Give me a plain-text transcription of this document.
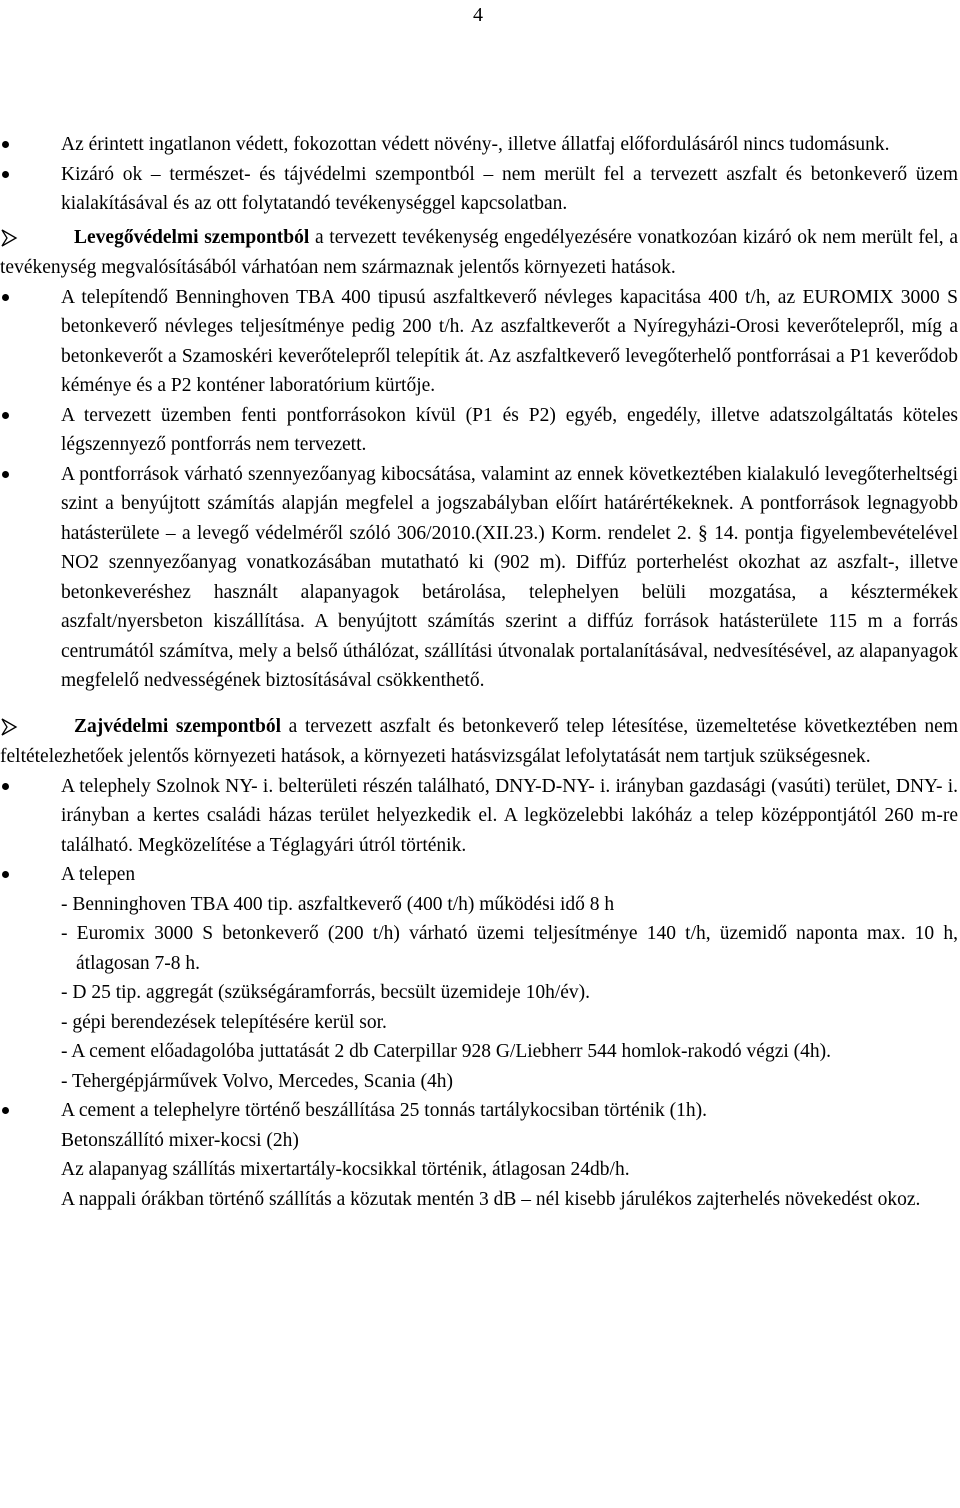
4

Az érintett ingatlanon védett, fokozottan védett növény-, illetve állatfaj előfordulásáról nincs tudomásunk.

Kizáró ok – természet- és tájvédelmi szempontból – nem merült fel a tervezett aszfalt és betonkeverő üzem kialakításával és az ott folytatandó tevékenységgel kapcsolatban.

Levegővédelmi szempontból a tervezett tevékenység engedélyezésére vonatkozóan kizáró ok nem merült fel, a tevékenység megvalósításából várhatóan nem származnak jelentős környezeti hatások.

A telepítendő Benninghoven TBA 400 tipusú aszfaltkeverő névleges kapacitása 400 t/h, az EUROMIX 3000 S betonkeverő névleges teljesítménye pedig 200 t/h. Az aszfaltkeverőt a Nyíregyházi-Orosi keverőtelepről, míg a betonkeverőt a Szamoskéri keverőtelepről telepítik át. Az aszfaltkeverő levegőterhelő pontforrásai a P1 keverődob kéménye és a P2 konténer laboratórium kürtője.

A tervezett üzemben fenti pontforrásokon kívül (P1 és P2) egyéb, engedély, illetve adatszolgáltatás köteles légszennyező pontforrás nem tervezett.

A pontforrások várható szennyezőanyag kibocsátása, valamint az ennek következtében kialakuló levegőterheltségi szint a benyújtott számítás alapján megfelel a jogszabályban előírt határértékeknek. A pontforrások legnagyobb hatásterülete – a levegő védelméről szóló 306/2010.(XII.23.) Korm. rendelet 2. § 14. pontja figyelembevételével NO2 szennyezőanyag vonatkozásában mutatható ki (902 m). Diffúz porterhelést okozhat az aszfalt-, illetve betonkeveréshez használt alapanyagok betárolása, telephelyen belüli mozgatása, a késztermékek aszfalt/nyersbeton kiszállítása. A benyújtott számítás szerint a diffúz források hatásterülete 115 m a forrás centrumától számítva, mely a belső úthálózat, szállítási útvonalak portalanításával, nedvesítésével, az alapanyagok megfelelő nedvességének biztosításával csökkenthető.

Zajvédelmi szempontból a tervezett aszfalt és betonkeverő telep létesítése, üzemeltetése következtében nem feltételezhetőek jelentős környezeti hatások, a környezeti hatásvizsgálat lefolytatását nem tartjuk szükségesnek.

A telephely Szolnok NY- i. belterületi részén található, DNY-D-NY- i. irányban gazdasági (vasúti) terület, DNY- i. irányban a kertes családi házas terület helyezkedik el. A legközelebbi lakóház a telep középpontjától 260 m-re található. Megközelítése a Téglagyári útról történik.

A telepen

- Benninghoven TBA 400 tip. aszfaltkeverő (400 t/h) működési idő 8 h

- Euromix 3000 S betonkeverő (200 t/h) várható üzemi teljesítménye 140 t/h, üzemidő naponta max. 10 h, átlagosan 7-8 h.

- D 25 tip. aggregát (szükségáramforrás, becsült üzemideje 10h/év).

- gépi berendezések telepítésére kerül sor.

- A cement előadagolóba juttatását 2 db Caterpillar 928 G/Liebherr 544 homlok-rakodó végzi (4h).

- Tehergépjárművek Volvo, Mercedes, Scania (4h)

A cement a telephelyre történő beszállítása 25 tonnás tartálykocsiban történik (1h).

Betonszállító mixer-kocsi (2h)

Az alapanyag szállítás mixertartály-kocsikkal történik, átlagosan 24db/h.

A nappali órákban történő szállítás a közutak mentén 3 dB – nél kisebb járulékos zajterhelés növekedést okoz.
